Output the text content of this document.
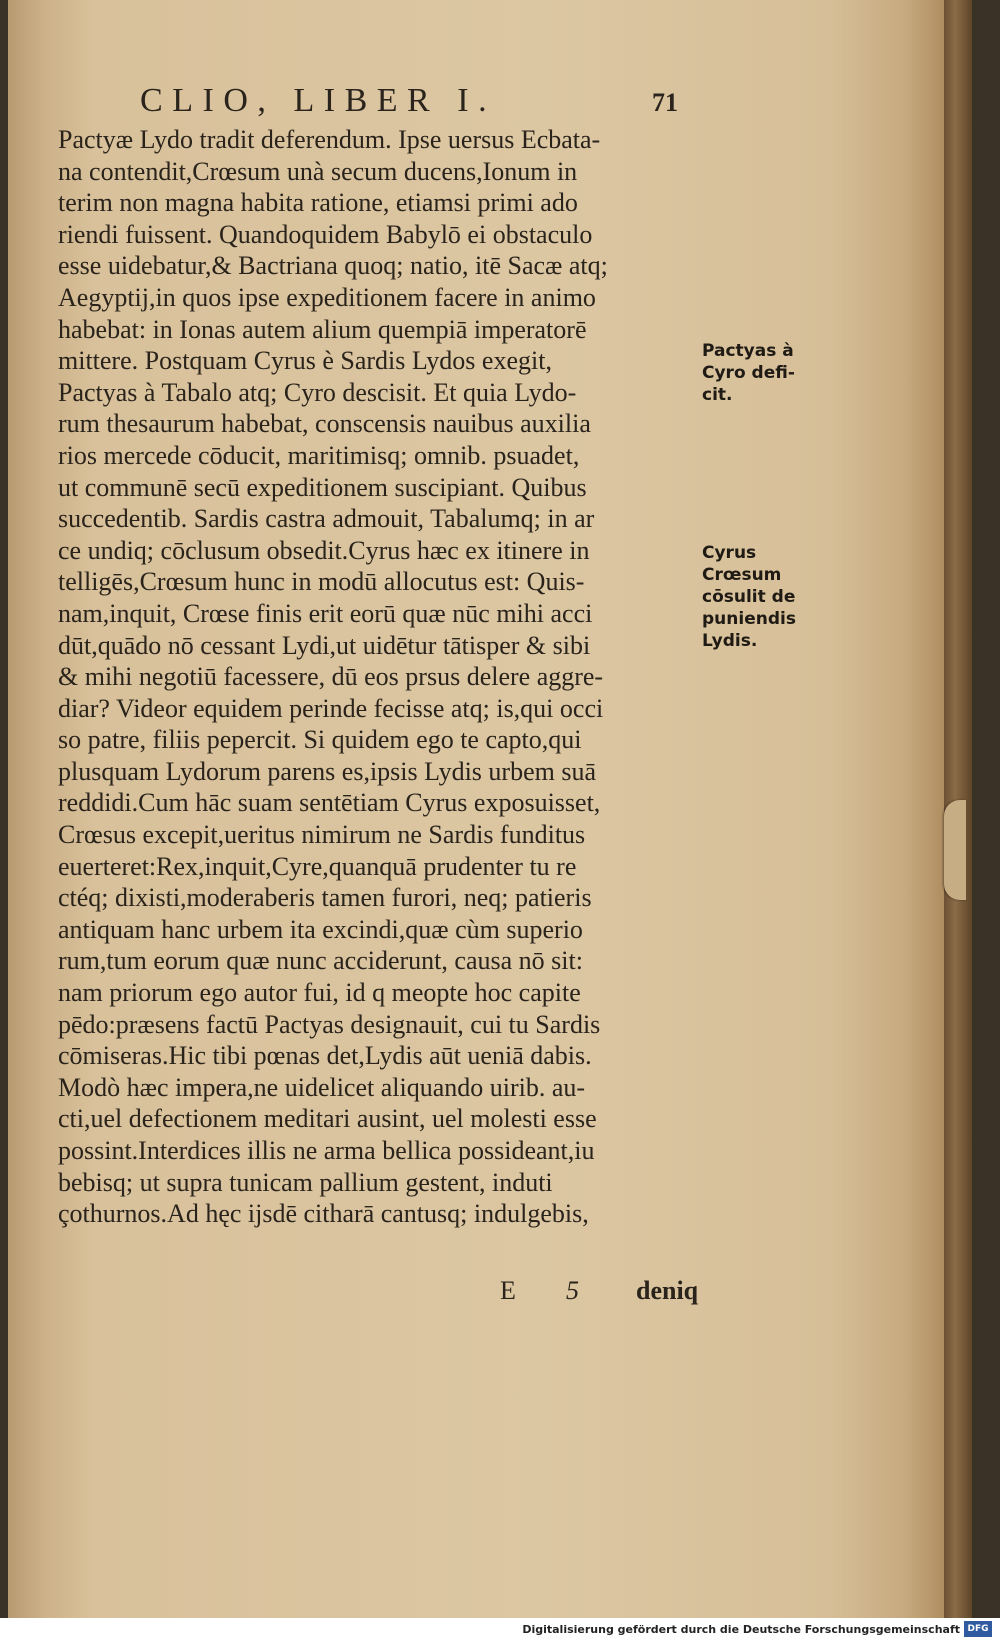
CLIO, LIBER I.	71
Pactyæ Lydo tradit deferendum. Ipse uersus Ecbata-
na contendit,Crœsum unà secum ducens,Ionum in
terim non magna habita ratione, etiamsi primi ado
riendi fuissent. Quandoquidem Babylō ei obstaculo
esse uidebatur,& Bactriana quoq; natio, itē Sacæ atq;
Aegyptij,in quos ipse expeditionem facere in animo
habebat: in Ionas autem alium quempiā imperatorē
mittere. Postquam Cyrus è Sardis Lydos exegit,
Pactyas à Tabalo atq; Cyro descisit. Et quia Lydo-
rum thesaurum habebat, conscensis nauibus auxilia
rios mercede cōducit, maritimisq; omnib. psuadet,
ut communē secū expeditionem suscipiant. Quibus
succedentib. Sardis castra admouit, Tabalumq; in ar
ce undiq; cōclusum obsedit.Cyrus hæc ex itinere in
telligēs,Crœsum hunc in modū allocutus est: Quis-
nam,inquit, Crœse finis erit eorū quæ nūc mihi acci
dūt,quādo nō cessant Lydi,ut uidētur tātisper & sibi
& mihi negotiū facessere, dū eos prsus delere aggre-
diar? Videor equidem perinde fecisse atq; is,qui occi
so patre, filiis pepercit. Si quidem ego te capto,qui
plusquam Lydorum parens es,ipsis Lydis urbem suā
reddidi.Cum hāc suam sentētiam Cyrus exposuisset,
Crœsus excepit,ueritus nimirum ne Sardis funditus
euerteret:Rex,inquit,Cyre,quanquā prudenter tu re
ctéq; dixisti,moderaberis tamen furori, neq; patieris
antiquam hanc urbem ita excindi,quæ cùm superio
rum,tum eorum quæ nunc acciderunt, causa nō sit:
nam priorum ego autor fui, id q meopte hoc capite
pēdo:præsens factū Pactyas designauit, cui tu Sardis
cōmiseras.Hic tibi pœnas det,Lydis aūt ueniā dabis.
Modò hæc impera,ne uidelicet aliquando uirib. au-
cti,uel defectionem meditari ausint, uel molesti esse
possint.Interdices illis ne arma bellica possideant,iu
bebisq; ut supra tunicam pallium gestent, induti
çothurnos.Ad hęc ijsdē citharā cantusq; indulgebis,
Pactyas à
Cyro defi-
cit.
Cyrus
Crœsum
cōsulit de
puniendis
Lydis.
E 5 deniq
Digitalisierung gefördert durch die Deutsche Forschungsgemeinschaft DFG
